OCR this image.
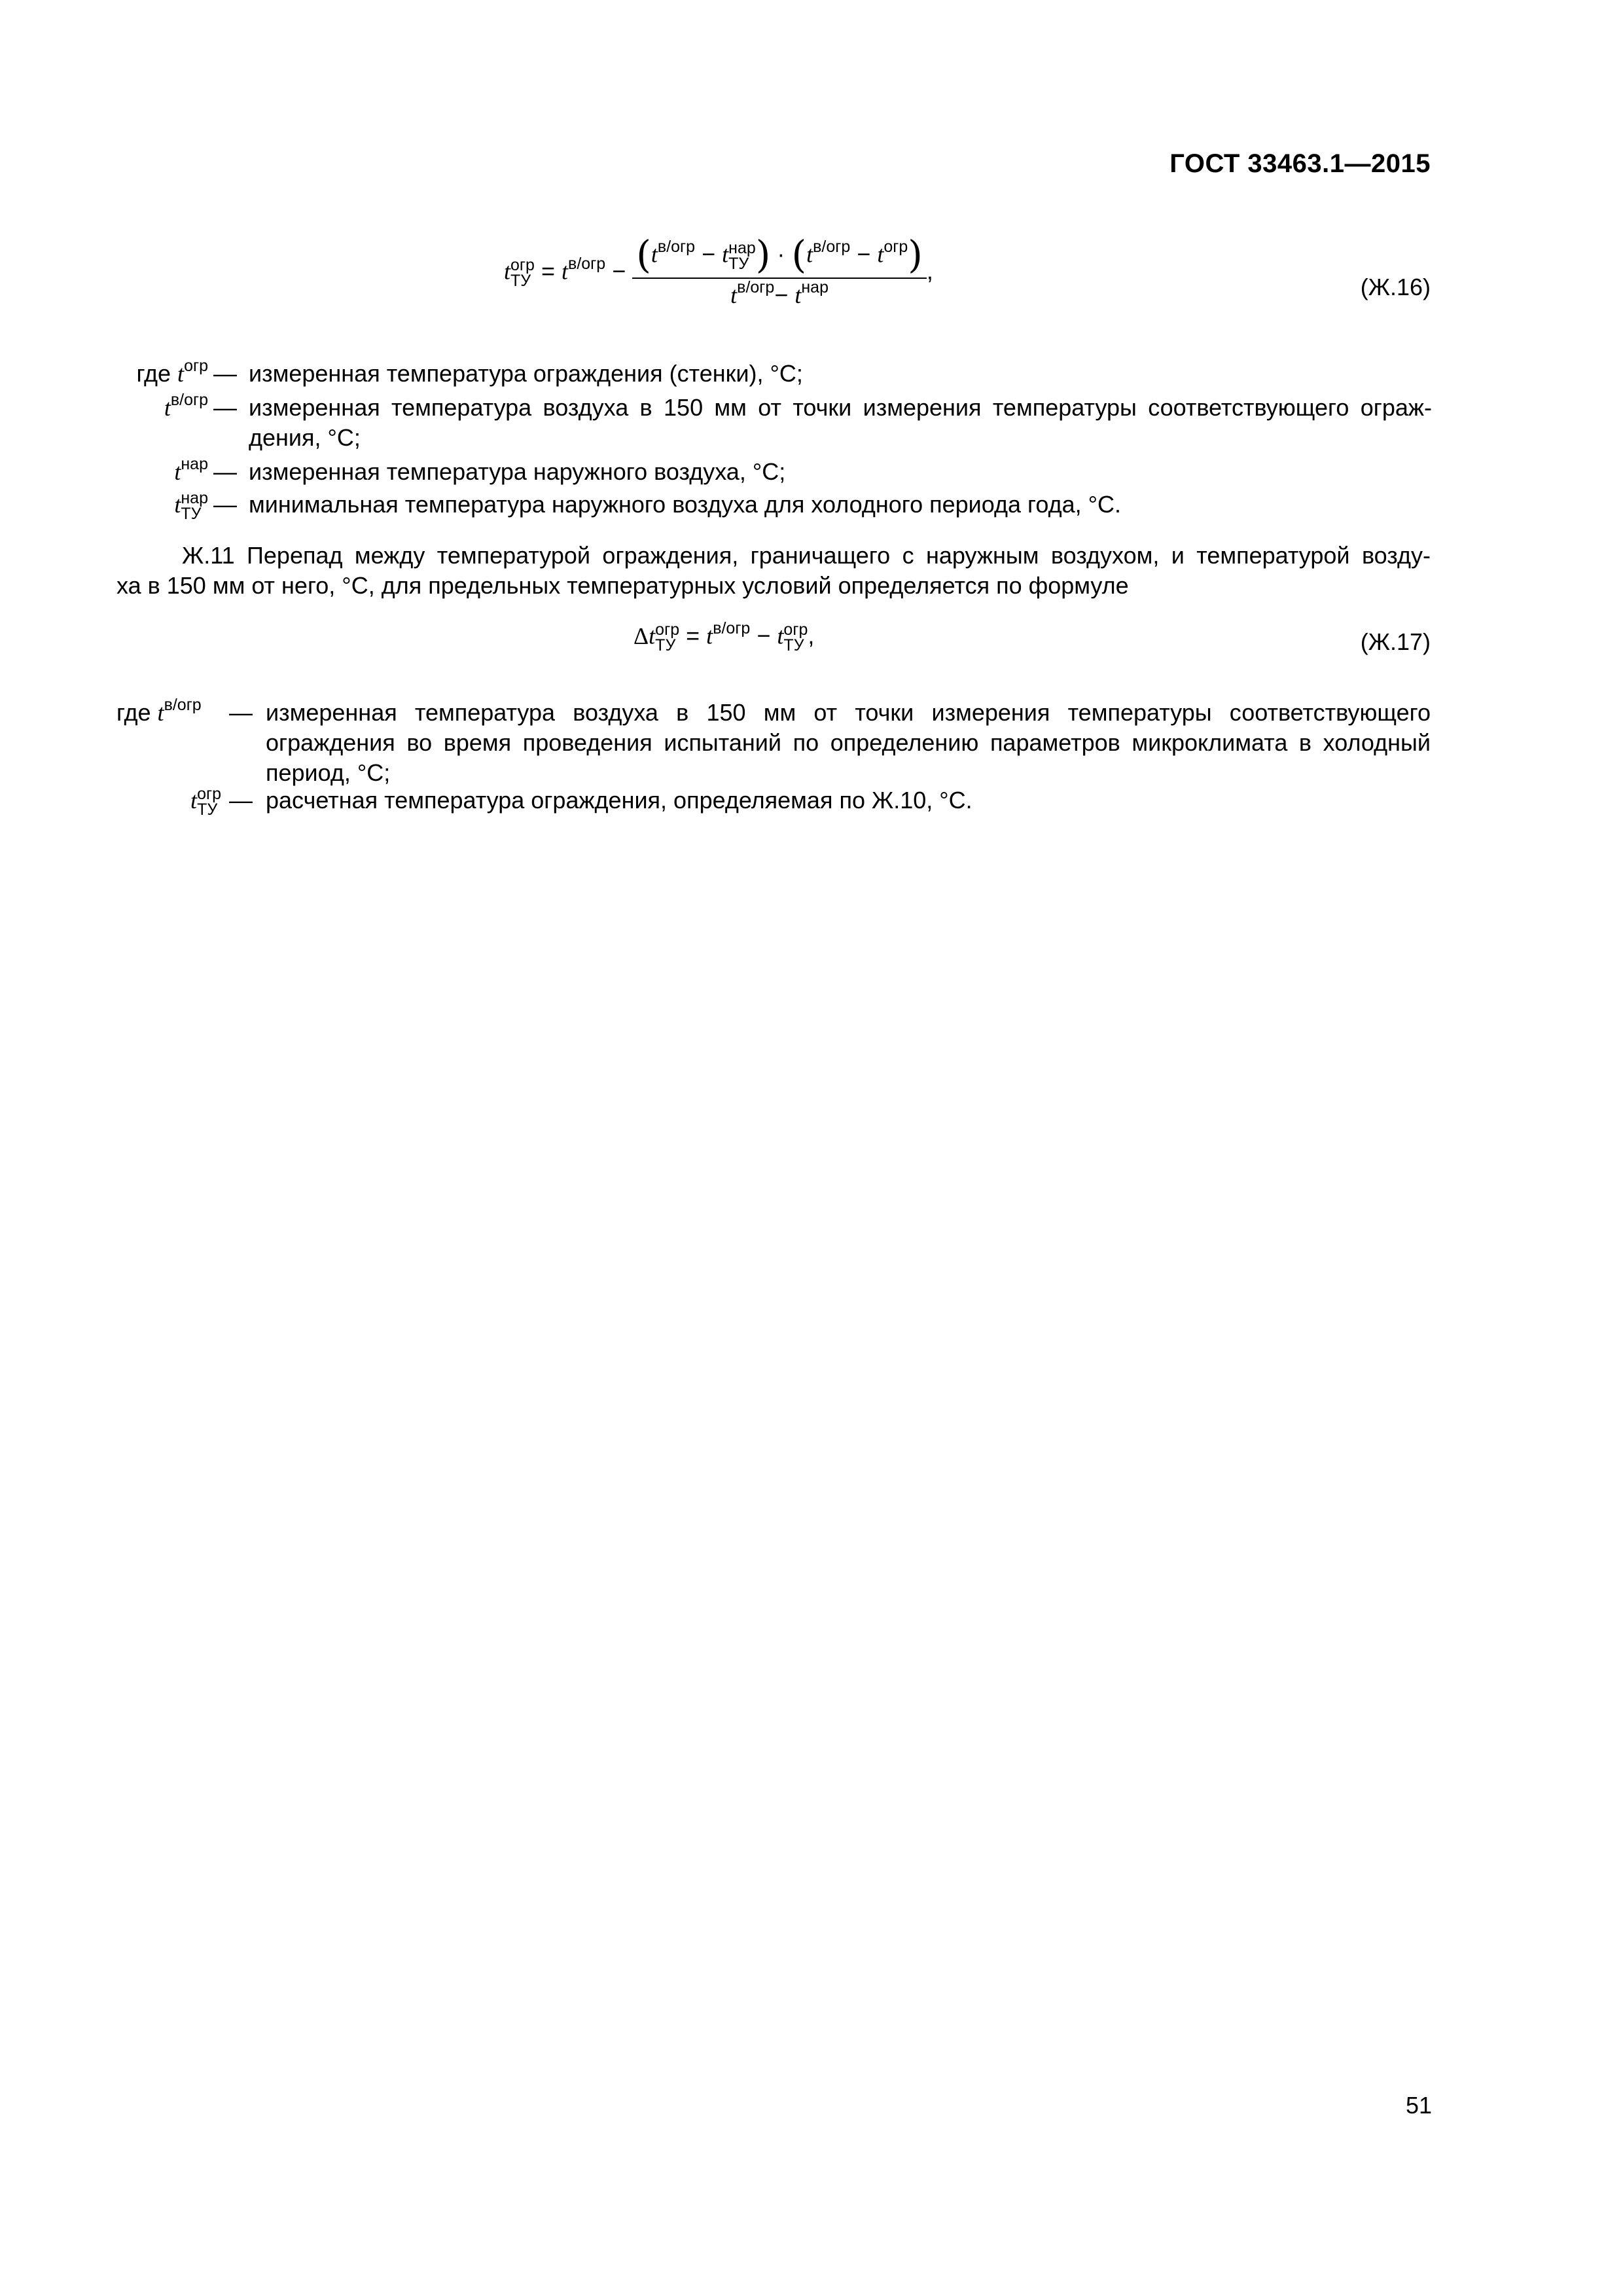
ГОСТ 33463.1—2015
t огр
ТУ = $t^{в/огр} - (t^{в/огр} - t$ нар
ТУ ) · $(t^{в/огр} - t^{огр})$
$t^{в/огр}- t^{нар}$
,
(Ж.16)
где $t^{огр}$ — измеренная температура ограждения (стенки), °С;
$t^{в/огр}$ — измеренная температура воздуха в 150 мм от точки измерения температуры соответствующего ограж-
дения, °С;
$t^{нар}$ — измеренная температура наружного воздуха, °С;
t нар
ТУ — минимальная температура наружного воздуха для холодного периода года, °С.
Ж.11 Перепад между температурой ограждения, граничащего с наружным воздухом, и температурой возду-
ха в 150 мм от него, °С, для предельных температурных условий определяется по формуле
Δt огр
ТУ = $t^{в/огр} - t$ огр
ТУ ,	(Ж.17)
где $t^{в/огр}$	— измеренная температура воздуха в 150 мм от точки измерения температуры соответствующего
ограждения во время проведения испытаний по определению параметров микроклимата в холодный
период, °С;
t огр
ТУ — расчетная температура ограждения, определяемая по Ж.10, °С.
51
